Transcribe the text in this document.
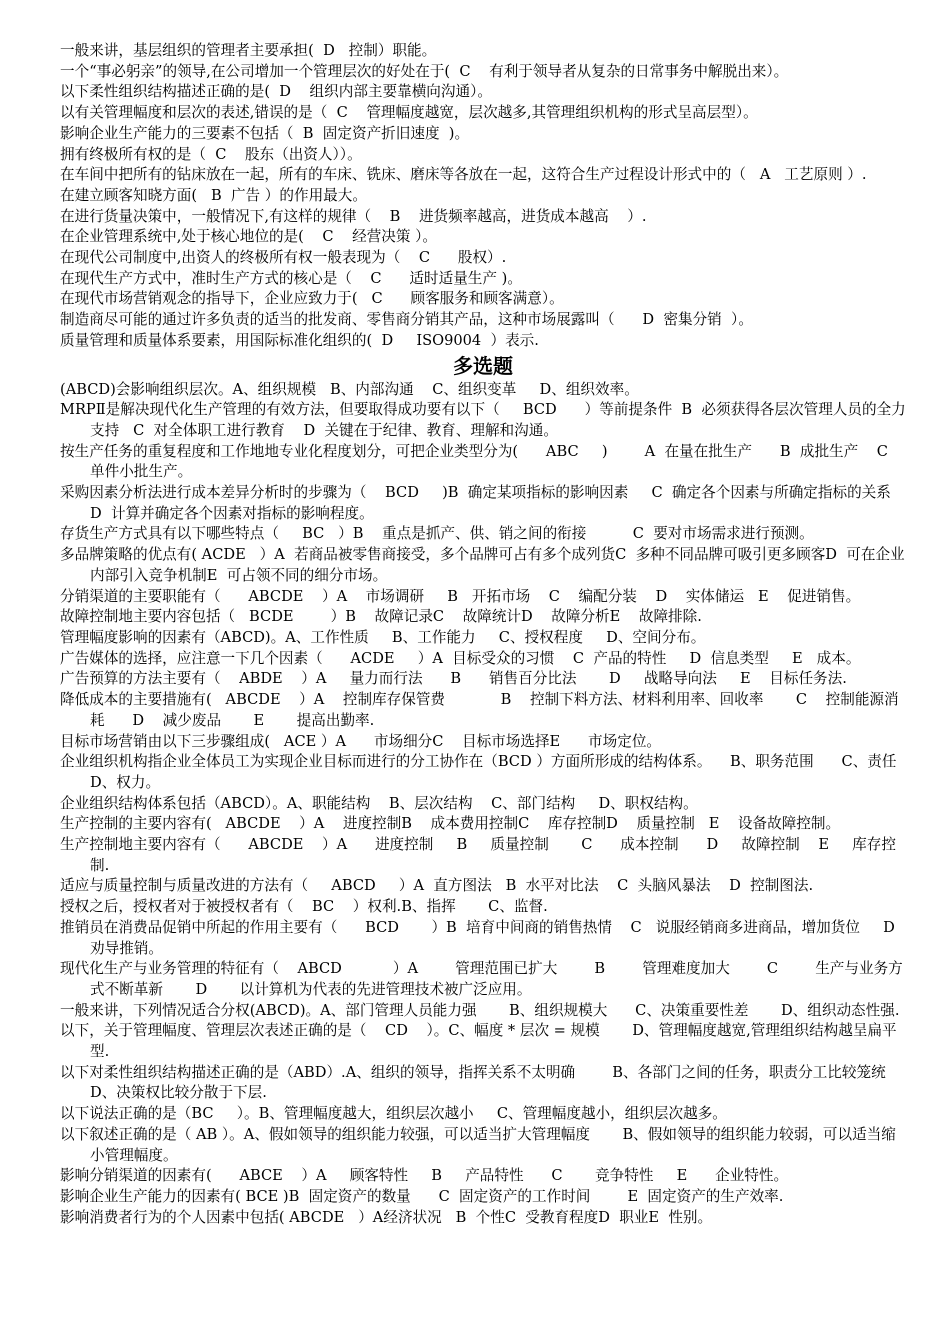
一般来讲，基层组织的管理者主要承担(  D   控制）职能。

一个“事必躬亲”的领导,在公司增加一个管理层次的好处在于(  C    有利于领导者从复杂的日常事务中解脱出来）。

以下柔性组织结构描述正确的是(  D    组织内部主要靠横向沟通）。

以有关管理幅度和层次的表述,错误的是（  C    管理幅度越宽，层次越多,其管理组织机构的形式呈高层型）。

影响企业生产能力的三要素不包括（  B  固定资产折旧速度  )。

拥有终极所有权的是（  C    股东（出资人））。

在车间中把所有的钻床放在一起，所有的车床、铣床、磨床等各放在一起，这符合生产过程设计形式中的（   A   工艺原则 ）.

在建立顾客知晓方面(   B  广告 ）的作用最大。

在进行货量决策中，一般情况下,有这样的规律（    B    进货频率越高，进货成本越高    ）.

在企业管理系统中,处于核心地位的是(    C    经营决策 ）。

在现代公司制度中,出资人的终极所有权一般表现为（    C      股权）.

在现代生产方式中，准时生产方式的核心是（    C      适时适量生产 )。

在现代市场营销观念的指导下，企业应致力于(   C      顾客服务和顾客满意）。

制造商尽可能的通过许多负责的适当的批发商、零售商分销其产品，这种市场展露叫（      D  密集分销  ）。

质量管理和质量体系要素，用国际标准化组织的(  D     ISO9004  ）表示.

多选题

(ABCD)会影响组织层次。A、组织规模   B、内部沟通    C、组织变革     D、组织效率。

MRPⅡ是解决现代化生产管理的有效方法，但要取得成功要有以下（     BCD      ）等前提条件  B  必须获得各层次管理人员的全力支持   C  对全体职工进行教育    D  关键在于纪律、教育、理解和沟通。

按生产任务的重复程度和工作地地专业化程度划分，可把企业类型分为(      ABC     )        A  在量在批生产      B  成批生产    C  单件小批生产。

采购因素分析法进行成本差异分析时的步骤为（    BCD     )B  确定某项指标的影响因素     C  确定各个因素与所确定指标的关系       D  计算并确定各个因素对指标的影响程度。

存货生产方式具有以下哪些特点（     BC   ）B    重点是抓产、供、销之间的衔接          C  要对市场需求进行预测。

多品牌策略的优点有( ACDE   ）A  若商品被零售商接受，多个品牌可占有多个成列货C  多种不同品牌可吸引更多顾客D  可在企业内部引入竞争机制E  可占领不同的细分市场。

分销渠道的主要职能有（      ABCDE    ）A    市场调研     B   开拓市场    C    编配分装    D    实体储运   E    促进销售。

故障控制地主要内容包括（   BCDE        ）B    故障记录C    故障统计D    故障分析E    故障排除.

管理幅度影响的因素有（ABCD)。A、工作性质     B、工作能力     C、授权程度     D、空间分布。

广告媒体的选择，应注意一下几个因素（      ACDE     ）A  目标受众的习惯    C  产品的特性     D  信息类型     E   成本。

广告预算的方法主要有（    ABDE    ）A     量力而行法      B      销售百分比法       D     战略导向法     E    目标任务法.

降低成本的主要措施有(   ABCDE    ）A    控制库存保管费            B    控制下料方法、材料利用率、回收率       C    控制能源消耗      D    减少废品       E       提高出勤率.

目标市场营销由以下三步骤组成(   ACE ）A      市场细分C    目标市场选择E      市场定位。

企业组织机构指企业全体员工为实现企业目标而进行的分工协作在（BCD ）方面所形成的结构体系。    B、职务范围      C、责任       D、权力。

企业组织结构体系包括（ABCD）。A、职能结构    B、层次结构    C、部门结构     D、职权结构。

生产控制的主要内容有(   ABCDE    ）A    进度控制B    成本费用控制C    库存控制D    质量控制   E    设备故障控制。

生产控制地主要内容有（      ABCDE    ）A      进度控制     B     质量控制       C      成本控制      D     故障控制    E     库存控制.

适应与质量控制与质量改进的方法有（     ABCD     ）A  直方图法   B  水平对比法    C  头脑风暴法    D  控制图法.

授权之后，授权者对于被授权者有（    BC    ）权利.B、指挥       C、监督.

推销员在消费品促销中所起的作用主要有（      BCD       ）B  培育中间商的销售热情    C   说服经销商多进商品，增加货位     D  劝导推销。

现代化生产与业务管理的特征有（    ABCD           ）A        管理范围已扩大        B        管理难度加大        C        生产与业务方式不断革新       D       以计算机为代表的先进管理技术被广泛应用。

一般来讲，下列情况适合分权(ABCD)。A、部门管理人员能力强       B、组织规模大      C、决策重要性差       D、组织动态性强.

以下，关于管理幅度、管理层次表述正确的是（    CD    ）。C、幅度 * 层次 = 规模       D、管理幅度越宽,管理组织结构越呈扁平型.

以下对柔性组织结构描述正确的是（ABD）.A、组织的领导，指挥关系不太明确        B、各部门之间的任务，职责分工比较笼统       D、决策权比较分散于下层.

以下说法正确的是（BC     ）。B、管理幅度越大，组织层次越小     C、管理幅度越小，组织层次越多。

以下叙述正确的是（ AB ）。A、假如领导的组织能力较强，可以适当扩大管理幅度       B、假如领导的组织能力较弱，可以适当缩小管理幅度。

影响分销渠道的因素有(      ABCE    ）A     顾客特性     B     产品特性      C       竞争特性     E      企业特性。

影响企业生产能力的因素有( BCE )B  固定资产的数量      C  固定资产的工作时间        E  固定资产的生产效率.

影响消费者行为的个人因素中包括( ABCDE   ）A经济状况   B  个性C  受教育程度D  职业E  性别。
